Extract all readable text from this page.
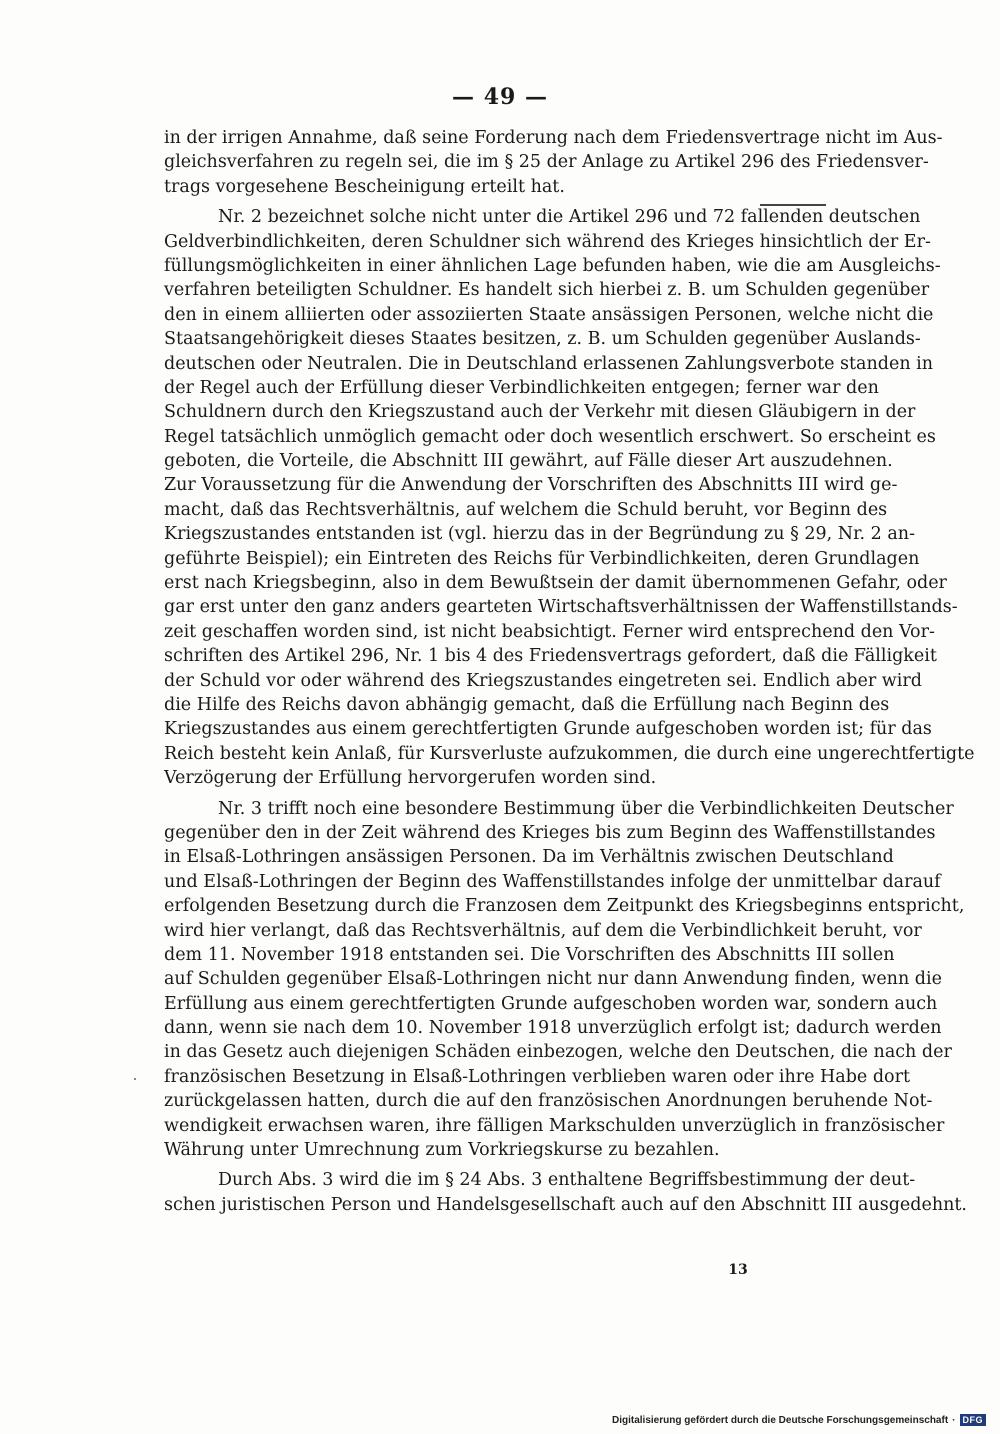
— 49 —
in der irrigen Annahme, daß seine Forderung nach dem Friedensvertrage nicht im Aus-
gleichsverfahren zu regeln sei, die im § 25 der Anlage zu Artikel 296 des Friedensver-
trags vorgesehene Bescheinigung erteilt hat.
Nr. 2 bezeichnet solche nicht unter die Artikel 296 und 72 fallenden deutschen
Geldverbindlichkeiten, deren Schuldner sich während des Krieges hinsichtlich der Er-
füllungsmöglichkeiten in einer ähnlichen Lage befunden haben, wie die am Ausgleichs-
verfahren beteiligten Schuldner. Es handelt sich hierbei z. B. um Schulden gegenüber
den in einem alliierten oder assoziierten Staate ansässigen Personen, welche nicht die
Staatsangehörigkeit dieses Staates besitzen, z. B. um Schulden gegenüber Auslands-
deutschen oder Neutralen. Die in Deutschland erlassenen Zahlungsverbote standen in
der Regel auch der Erfüllung dieser Verbindlichkeiten entgegen; ferner war den
Schuldnern durch den Kriegszustand auch der Verkehr mit diesen Gläubigern in der
Regel tatsächlich unmöglich gemacht oder doch wesentlich erschwert. So erscheint es
geboten, die Vorteile, die Abschnitt III gewährt, auf Fälle dieser Art auszudehnen.
Zur Voraussetzung für die Anwendung der Vorschriften des Abschnitts III wird ge-
macht, daß das Rechtsverhältnis, auf welchem die Schuld beruht, vor Beginn des
Kriegszustandes entstanden ist (vgl. hierzu das in der Begründung zu § 29, Nr. 2 an-
geführte Beispiel); ein Eintreten des Reichs für Verbindlichkeiten, deren Grundlagen
erst nach Kriegsbeginn, also in dem Bewußtsein der damit übernommenen Gefahr, oder
gar erst unter den ganz anders gearteten Wirtschaftsverhältnissen der Waffenstillstands-
zeit geschaffen worden sind, ist nicht beabsichtigt. Ferner wird entsprechend den Vor-
schriften des Artikel 296, Nr. 1 bis 4 des Friedensvertrags gefordert, daß die Fälligkeit
der Schuld vor oder während des Kriegszustandes eingetreten sei. Endlich aber wird
die Hilfe des Reichs davon abhängig gemacht, daß die Erfüllung nach Beginn des
Kriegszustandes aus einem gerechtfertigten Grunde aufgeschoben worden ist; für das
Reich besteht kein Anlaß, für Kursverluste aufzukommen, die durch eine ungerechtfertigte
Verzögerung der Erfüllung hervorgerufen worden sind.
Nr. 3 trifft noch eine besondere Bestimmung über die Verbindlichkeiten Deutscher
gegenüber den in der Zeit während des Krieges bis zum Beginn des Waffenstillstandes
in Elsaß-Lothringen ansässigen Personen. Da im Verhältnis zwischen Deutschland
und Elsaß-Lothringen der Beginn des Waffenstillstandes infolge der unmittelbar darauf
erfolgenden Besetzung durch die Franzosen dem Zeitpunkt des Kriegsbeginns entspricht,
wird hier verlangt, daß das Rechtsverhältnis, auf dem die Verbindlichkeit beruht, vor
dem 11. November 1918 entstanden sei. Die Vorschriften des Abschnitts III sollen
auf Schulden gegenüber Elsaß-Lothringen nicht nur dann Anwendung finden, wenn die
Erfüllung aus einem gerechtfertigten Grunde aufgeschoben worden war, sondern auch
dann, wenn sie nach dem 10. November 1918 unverzüglich erfolgt ist; dadurch werden
in das Gesetz auch diejenigen Schäden einbezogen, welche den Deutschen, die nach der
französischen Besetzung in Elsaß-Lothringen verblieben waren oder ihre Habe dort
zurückgelassen hatten, durch die auf den französischen Anordnungen beruhende Not-
wendigkeit erwachsen waren, ihre fälligen Markschulden unverzüglich in französischer
Währung unter Umrechnung zum Vorkriegskurse zu bezahlen.
Durch Abs. 3 wird die im § 24 Abs. 3 enthaltene Begriffsbestimmung der deut-
schen juristischen Person und Handelsgesellschaft auch auf den Abschnitt III ausgedehnt.
13
Digitalisierung gefördert durch die Deutsche Forschungsgemeinschaft · DFG
